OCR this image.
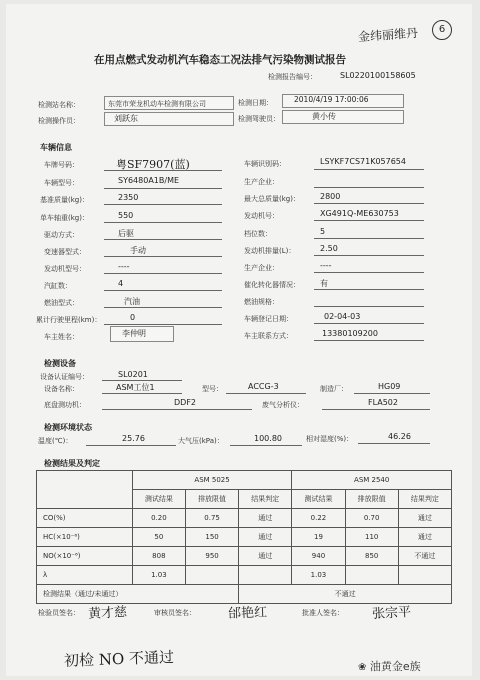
在用点燃式发动机汽车稳态工况法排气污染物测试报告
检测报告编号：	SL0220100158605
金纬丽维丹	6
检测站名称：	东莞市荣龙机动车检测有限公司	检测日期：	2010/4/19 17:00:06
检测操作员：	刘跃东	检测驾驶员：	黄小传
车辆信息
车牌号码：	粤SF7907(蓝)	车辆识别码：	LSYKF7CS71K057654
车辆型号：	SY6480A1B/ME	生产企业：
基准质量(kg)：	2350	最大总质量(kg)：	2800
单车轴重(kg)：	550	发动机号：	XG491Q-ME630753
驱动方式：	后驱	档位数：	5
变速器型式：	手动	发动机排量(L)：	2.50
发动机型号：	----	生产企业：	----
汽缸数：	4	催化转化器情况：	有
燃油型式：	汽油	燃油规格：
累计行驶里程(km)：	0	车辆登记日期：	02-04-03
车主姓名：	李仲明	车主联系方式：	13380109200
检测设备
设备认证编号：	SL0201
设备名称：	ASM工位1	型号：	ACCG-3	制造厂：	HG09
底盘测功机：	DDF2	废气分析仪：	FLA502
检测环境状态
温度(℃)：	25.76	大气压(kPa)：	100.80	相对湿度(%)：	46.26
检测结果及判定
	ASM 5025			ASM 2540		
	测试结果	排放限值	结果判定	测试结果	排放限值	结果判定
CO(%)	0.20	0.75	通过	0.22	0.70	通过
HC(×10⁻⁶)	50	150	通过	19	110	通过
NO(×10⁻⁶)	808	950	通过	940	850	不通过
λ	1.03			1.03		
检测结果（通过/未通过）			不通过			
检验员签名： 黄才慈	审核员签名： 邰艳红	批准人签名： 张宗平
初检 NO 不通过	❀ 油黄金e族
